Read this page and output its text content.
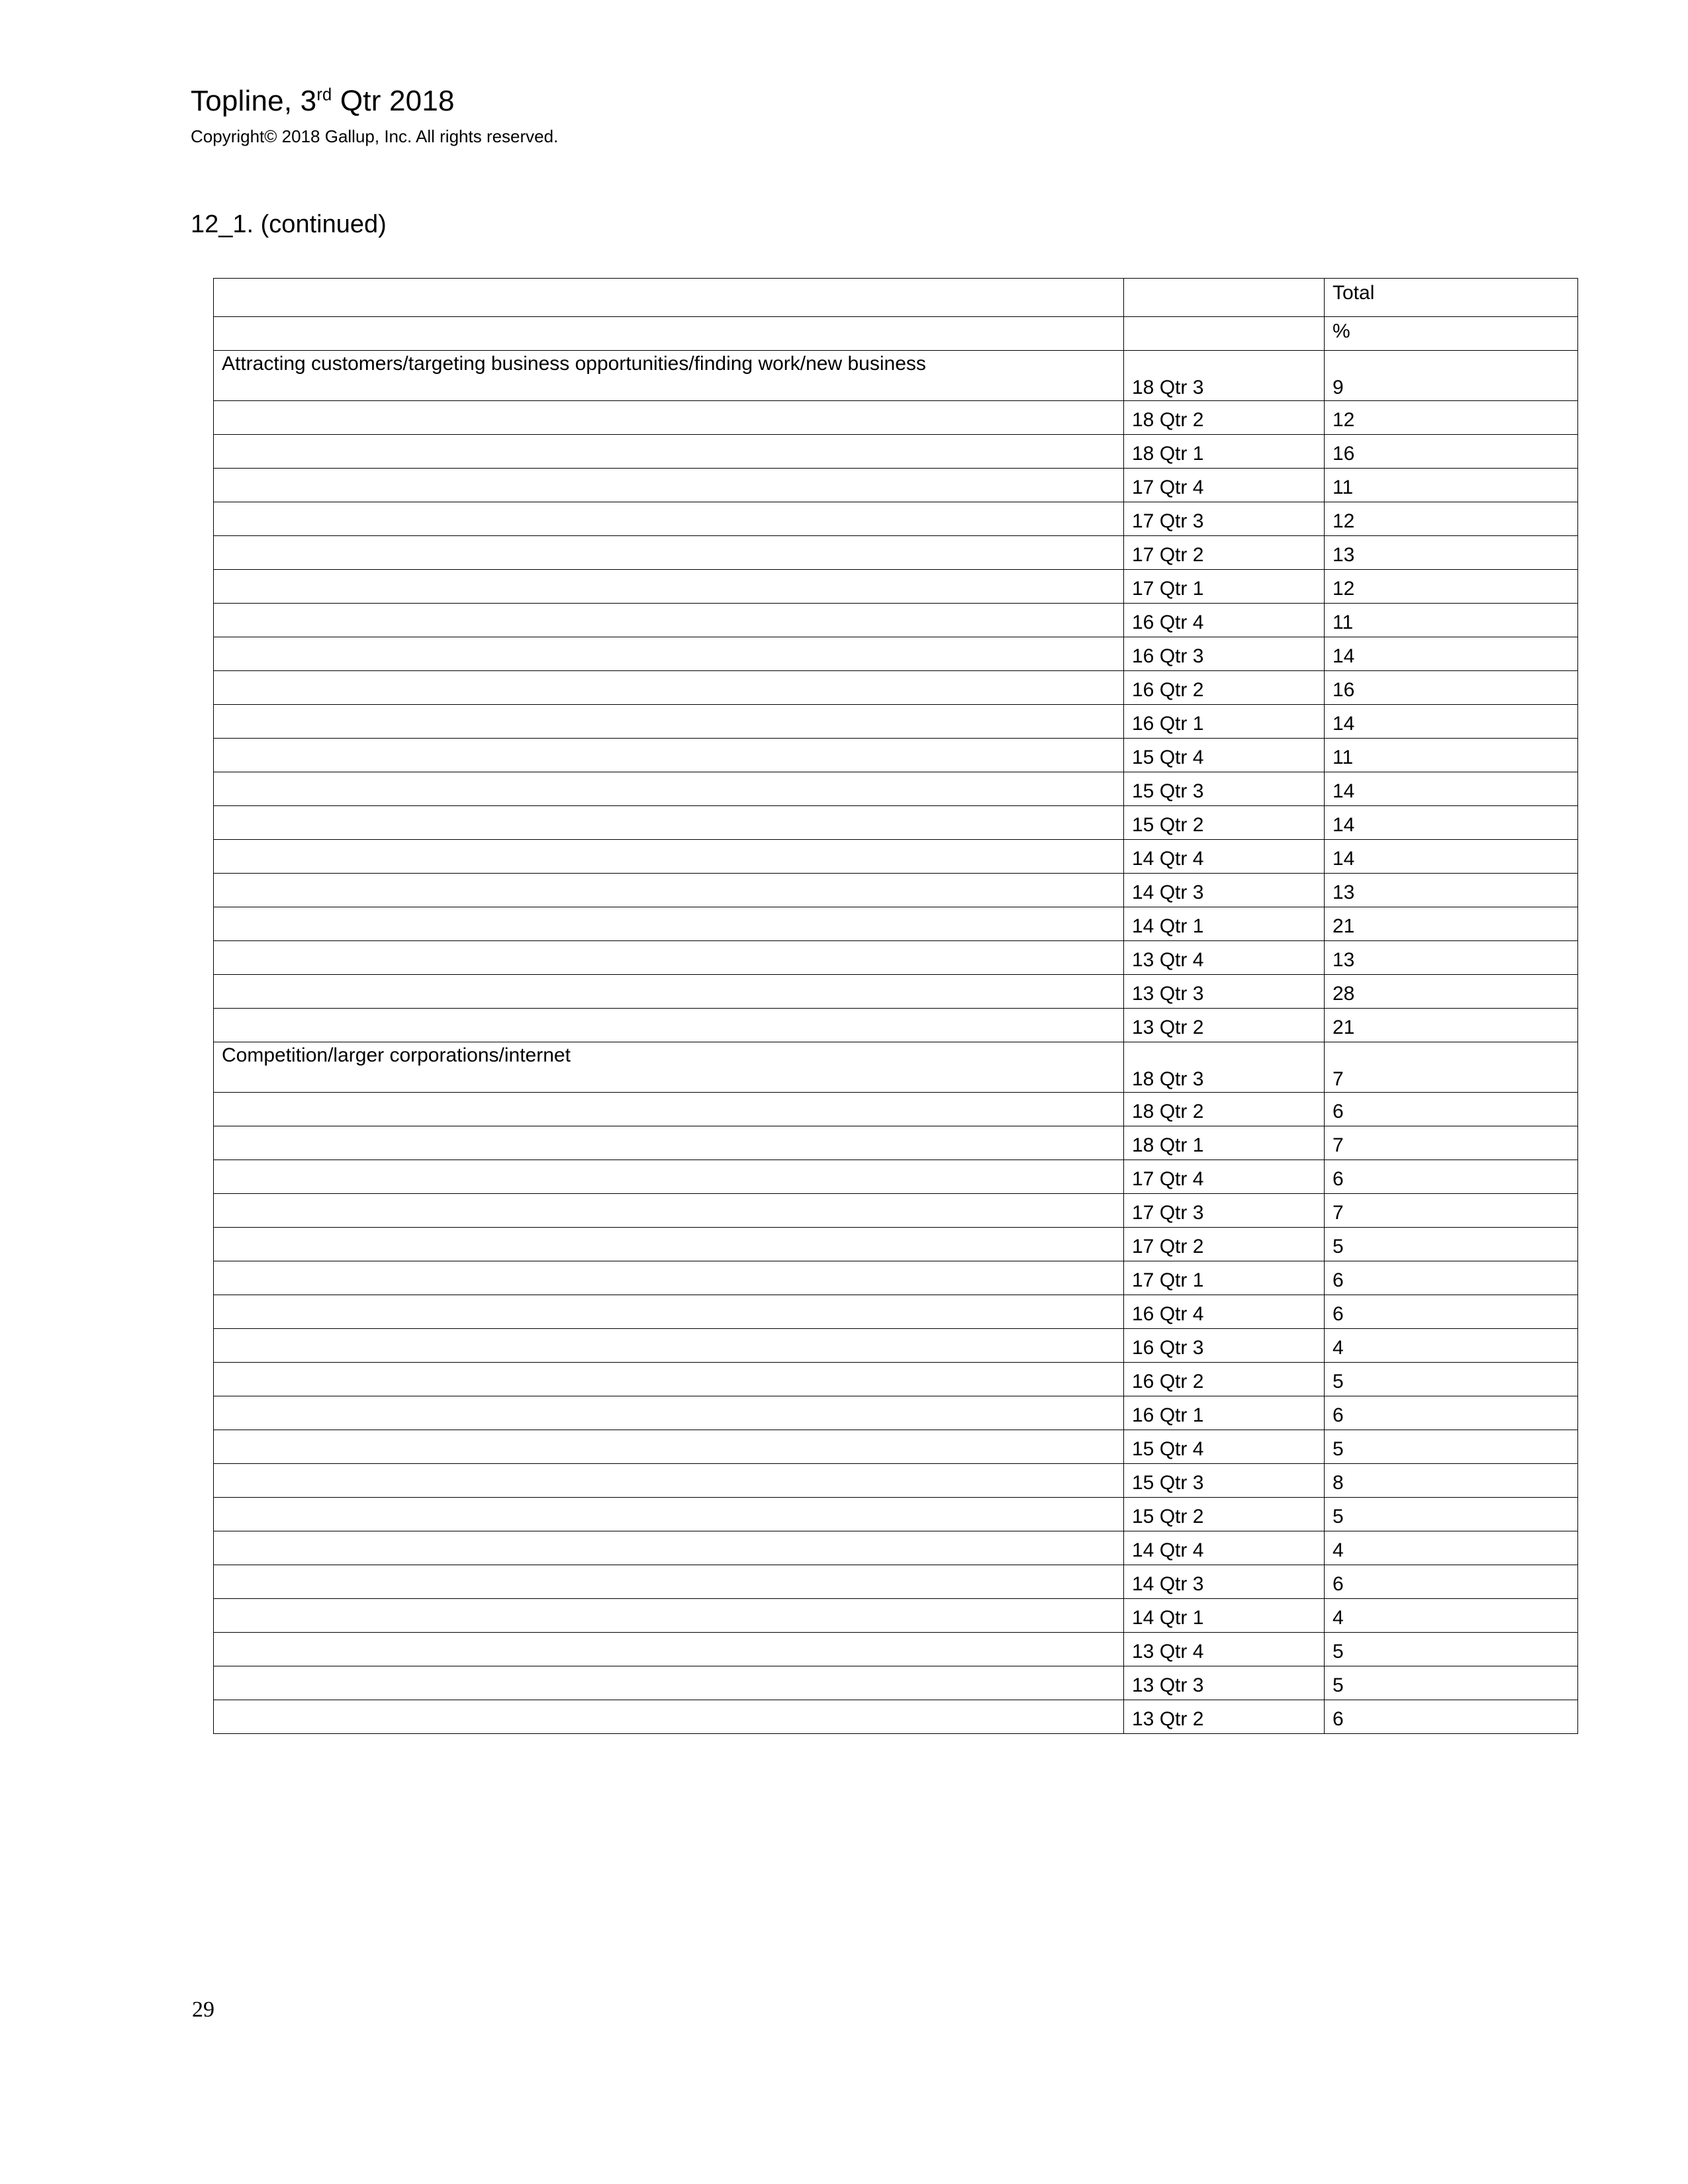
Topline, 3rd Qtr 2018
Copyright© 2018 Gallup, Inc. All rights reserved.
12_1. (continued)
		Total
		%
Attracting customers/targeting business opportunities/finding work/new business	18 Qtr 3	9
	18 Qtr 2	12
	18 Qtr 1	16
	17 Qtr 4	11
	17 Qtr 3	12
	17 Qtr 2	13
	17 Qtr 1	12
	16 Qtr 4	11
	16 Qtr 3	14
	16 Qtr 2	16
	16 Qtr 1	14
	15 Qtr 4	11
	15 Qtr 3	14
	15 Qtr 2	14
	14 Qtr 4	14
	14 Qtr 3	13
	14 Qtr 1	21
	13 Qtr 4	13
	13 Qtr 3	28
	13 Qtr 2	21
Competition/larger corporations/internet	18 Qtr 3	7
	18 Qtr 2	6
	18 Qtr 1	7
	17 Qtr 4	6
	17 Qtr 3	7
	17 Qtr 2	5
	17 Qtr 1	6
	16 Qtr 4	6
	16 Qtr 3	4
	16 Qtr 2	5
	16 Qtr 1	6
	15 Qtr 4	5
	15 Qtr 3	8
	15 Qtr 2	5
	14 Qtr 4	4
	14 Qtr 3	6
	14 Qtr 1	4
	13 Qtr 4	5
	13 Qtr 3	5
	13 Qtr 2	6
29
